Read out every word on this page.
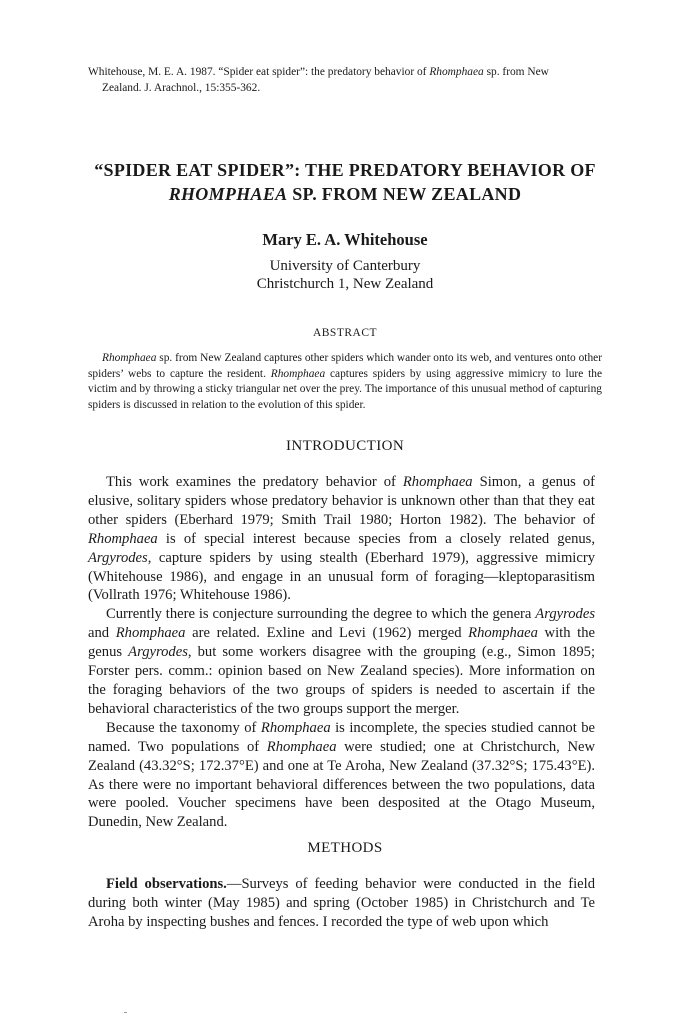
Whitehouse, M. E. A. 1987. “Spider eat spider”: the predatory behavior of Rhomphaea sp. from New
Zealand. J. Arachnol., 15:355-362.
“SPIDER EAT SPIDER”: THE PREDATORY BEHAVIOR OF
RHOMPHAEA SP. FROM NEW ZEALAND
Mary E. A. Whitehouse
University of Canterbury
Christchurch 1, New Zealand
ABSTRACT

Rhomphaea sp. from New Zealand captures other spiders which wander onto its web, and ventures onto other spiders’ webs to capture the resident. Rhomphaea captures spiders by using aggressive mimicry to lure the victim and by throwing a sticky triangular net over the prey. The importance of this unusual method of capturing spiders is discussed in relation to the evolution of this spider.

INTRODUCTION

This work examines the predatory behavior of Rhomphaea Simon, a genus of elusive, solitary spiders whose predatory behavior is unknown other than that they eat other spiders (Eberhard 1979; Smith Trail 1980; Horton 1982). The behavior of Rhomphaea is of special interest because species from a closely related genus, Argyrodes, capture spiders by using stealth (Eberhard 1979), aggressive mimicry (Whitehouse 1986), and engage in an unusual form of foraging—kleptoparasitism (Vollrath 1976; Whitehouse 1986).

Currently there is conjecture surrounding the degree to which the genera Argyrodes and Rhomphaea are related. Exline and Levi (1962) merged Rhomphaea with the genus Argyrodes, but some workers disagree with the grouping (e.g., Simon 1895; Forster pers. comm.: opinion based on New Zealand species). More information on the foraging behaviors of the two groups of spiders is needed to ascertain if the behavioral characteristics of the two groups support the merger.

Because the taxonomy of Rhomphaea is incomplete, the species studied cannot be named. Two populations of Rhomphaea were studied; one at Christchurch, New Zealand (43.32°S; 172.37°E) and one at Te Aroha, New Zealand (37.32°S; 175.43°E). As there were no important behavioral differences between the two populations, data were pooled. Voucher specimens have been desposited at the Otago Museum, Dunedin, New Zealand.

METHODS

Field observations.—Surveys of feeding behavior were conducted in the field during both winter (May 1985) and spring (October 1985) in Christchurch and Te Aroha by inspecting bushes and fences. I recorded the type of web upon which
